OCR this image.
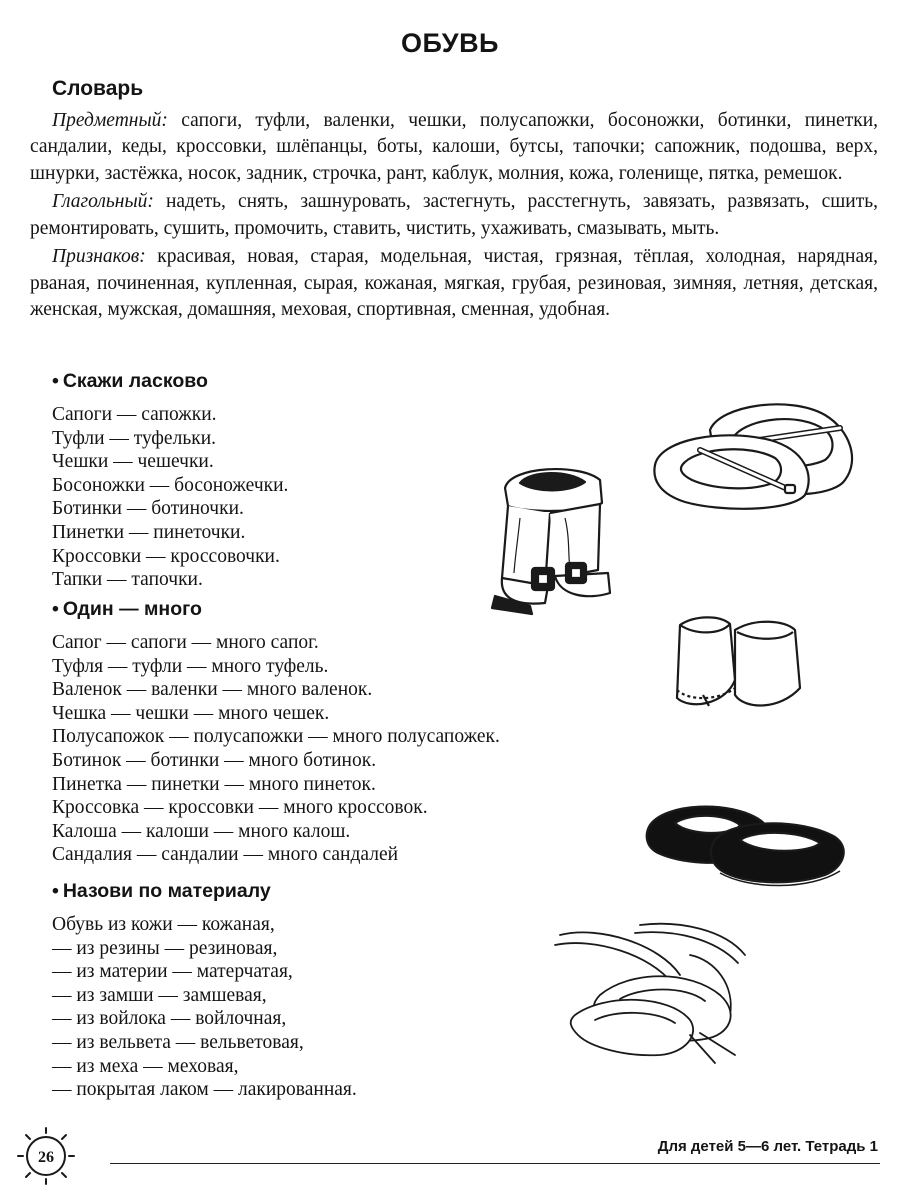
ОБУВЬ
Словарь

Предметный: сапоги, туфли, валенки, чешки, полусапожки, босоножки, ботинки, пинетки, сандалии, кеды, кроссовки, шлёпанцы, боты, калоши, бутсы, тапочки; сапожник, подошва, верх, шнурки, застёжка, носок, задник, строчка, рант, каблук, молния, кожа, голенище, пятка, ремешок.

Глагольный: надеть, снять, зашнуровать, застегнуть, расстегнуть, завязать, развязать, сшить, ремонтировать, сушить, промочить, ставить, чистить, ухаживать, смазывать, мыть.

Признаков: красивая, новая, старая, модельная, чистая, грязная, тёплая, холодная, нарядная, рваная, починенная, купленная, сырая, кожаная, мягкая, грубая, резиновая, зимняя, летняя, детская, женская, мужская, домашняя, меховая, спортивная, сменная, удобная.

• Скажи ласково
Сапоги — сапожки.
Туфли — туфельки.
Чешки — чешечки.
Босоножки — босоножечки.
Ботинки — ботиночки.
Пинетки — пинеточки.
Кроссовки — кроссовочки.
Тапки — тапочки.
• Один — много
Сапог — сапоги — много сапог.
Туфля — туфли — много туфель.
Валенок — валенки — много валенок.
Чешка — чешки — много чешек.
Полусапожок — полусапожки — много полусапожек.
Ботинок — ботинки — много ботинок.
Пинетка — пинетки — много пинеток.
Кроссовка — кроссовки — много кроссовок.
Калоша — калоши — много калош.
Сандалия — сандалии — много сандалей
• Назови по материалу
Обувь из кожи — кожаная,
— из резины — резиновая,
— из материи — матерчатая,
— из замши — замшевая,
— из войлока — войлочная,
— из вельвета — вельветовая,
— из меха — меховая,
— покрытая лаком — лакированная.
26
Для детей 5—6 лет. Тетрадь 1
